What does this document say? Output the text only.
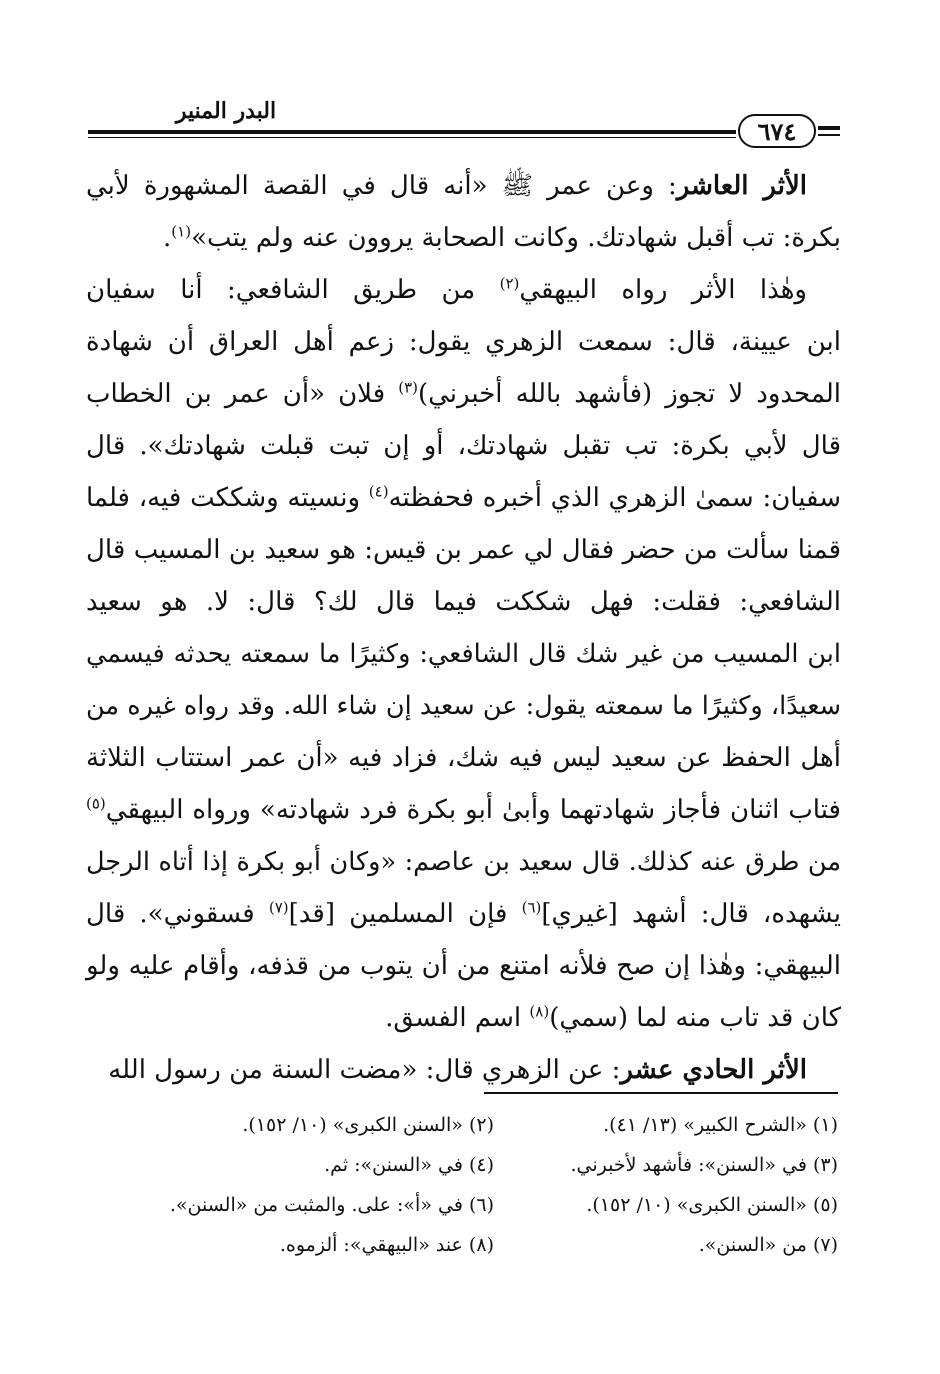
البدر المنير
٦٧٤
الأثر العاشر: وعن عمر ﷺ «أنه قال في القصة المشهورة لأبي
بكرة: تب أقبل شهادتك. وكانت الصحابة يروون عنه ولم يتب»$^{(١)}$.
وهٰذا الأثر رواه البيهقي$^{(٢)}$ من طريق الشافعي: أنا سفيان
ابن عيينة، قال: سمعت الزهري يقول: زعم أهل العراق أن شهادة
المحدود لا تجوز (فأشهد بالله أخبرني)$^{(٣)}$ فلان «أن عمر بن الخطاب
قال لأبي بكرة: تب تقبل شهادتك، أو إن تبت قبلت شهادتك». قال
سفيان: سمىٰ الزهري الذي أخبره فحفظته$^{(٤)}$ ونسيته وشككت فيه، فلما
قمنا سألت من حضر فقال لي عمر بن قيس: هو سعيد بن المسيب قال
الشافعي: فقلت: فهل شككت فيما قال لك؟ قال: لا. هو سعيد
ابن المسيب من غير شك قال الشافعي: وكثيرًا ما سمعته يحدثه فيسمي
سعيدًا، وكثيرًا ما سمعته يقول: عن سعيد إن شاء الله. وقد رواه غيره من
أهل الحفظ عن سعيد ليس فيه شك، فزاد فيه «أن عمر استتاب الثلاثة
فتاب اثنان فأجاز شهادتهما وأبىٰ أبو بكرة فرد شهادته» ورواه البيهقي$^{(٥)}$
من طرق عنه كذلك. قال سعيد بن عاصم: «وكان أبو بكرة إذا أتاه الرجل
يشهده، قال: أشهد [غيري]$^{(٦)}$ فإن المسلمين [قد]$^{(٧)}$ فسقوني». قال
البيهقي: وهٰذا إن صح فلأنه امتنع من أن يتوب من قذفه، وأقام عليه ولو
كان قد تاب منه لما (سمي)$^{(٨)}$ اسم الفسق.
الأثر الحادي عشر: عن الزهري قال: «مضت السنة من رسول الله
(١) «الشرح الكبير» (١٣/ ٤١).
(٢) «السنن الكبرى» (١٠/ ١٥٢).
(٣) في «السنن»: فأشهد لأخبرني.
(٤) في «السنن»: ثم.
(٥) «السنن الكبرى» (١٠/ ١٥٢).
(٦) في «أ»: على. والمثبت من «السنن».
(٧) من «السنن».
(٨) عند «البيهقي»: ألزموه.
